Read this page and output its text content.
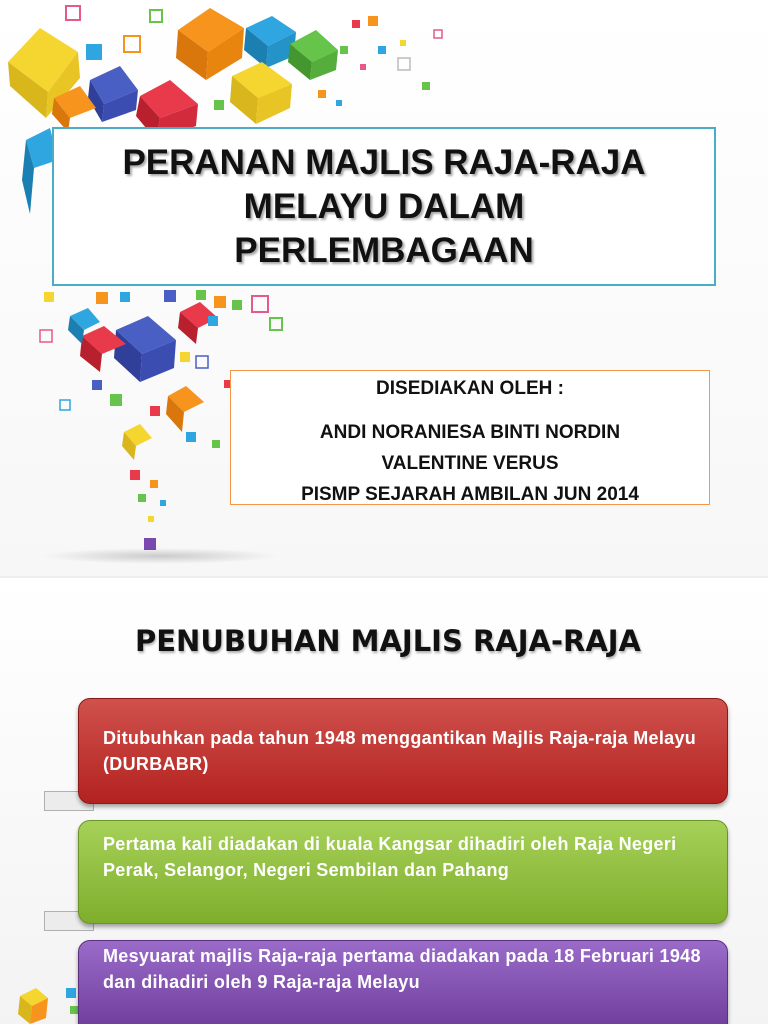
PERANAN MAJLIS RAJA-RAJA
MELAYU DALAM
PERLEMBAGAAN
DISEDIAKAN OLEH :
ANDI NORANIESA BINTI NORDIN
VALENTINE VERUS
PISMP SEJARAH AMBILAN JUN 2014
PENUBUHAN MAJLIS RAJA-RAJA
Ditubuhkan pada tahun 1948 menggantikan Majlis Raja-raja Melayu (DURBABR)
Pertama kali diadakan di kuala Kangsar dihadiri oleh Raja Negeri Perak, Selangor, Negeri Sembilan dan Pahang
Mesyuarat majlis Raja-raja pertama diadakan pada 18 Februari 1948 dan dihadiri oleh 9 Raja-raja Melayu
